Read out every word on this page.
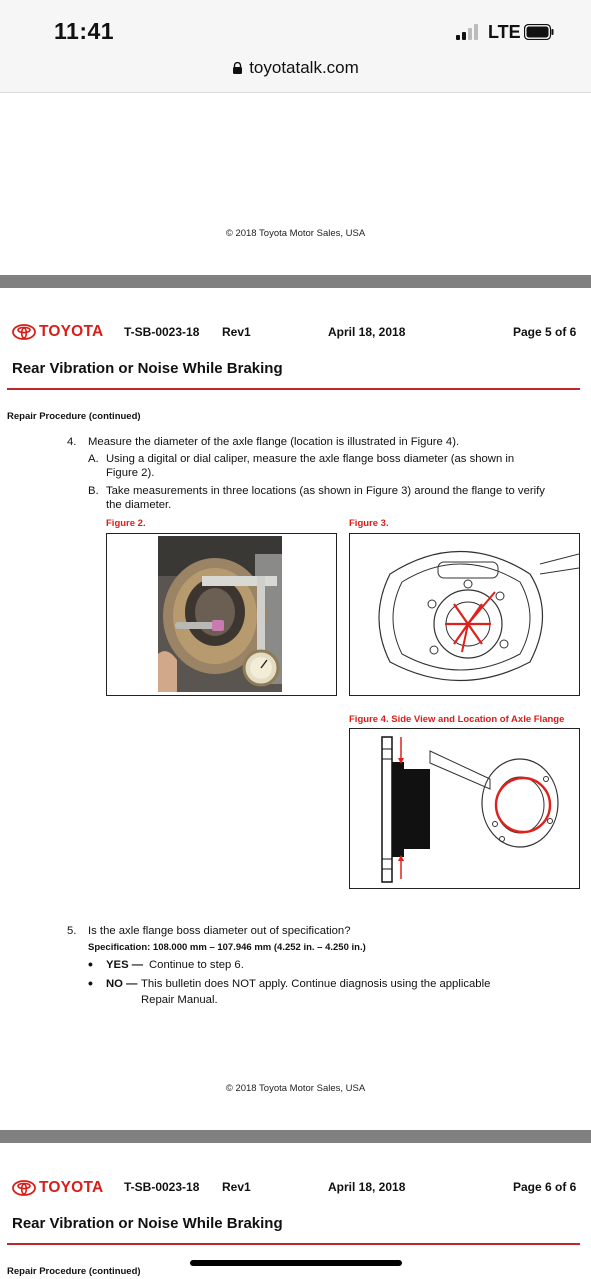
11:41	LTE
toyotatalk.com
© 2018 Toyota Motor Sales, USA
TOYOTA T-SB-0023-18 Rev1	April 18, 2018	Page 5 of 6
Rear Vibration or Noise While Braking
Repair Procedure (continued)
4. Measure the diameter of the axle flange (location is illustrated in Figure 4).
A. Using a digital or dial caliper, measure the axle flange boss diameter (as shown in
Figure 2).
B. Take measurements in three locations (as shown in Figure 3) around the flange to verify
the diameter.
Figure 2.	Figure 3.
Figure 4. Side View and Location of Axle Flange
5. Is the axle flange boss diameter out of specification?
Specification: 108.000 mm – 107.946 mm (4.252 in. – 4.250 in.)
• YES — Continue to step 6.
• NO — This bulletin does NOT apply. Continue diagnosis using the applicable
Repair Manual.
© 2018 Toyota Motor Sales, USA
TOYOTA T-SB-0023-18 Rev1	April 18, 2018	Page 6 of 6
Rear Vibration or Noise While Braking
Repair Procedure (continued)
